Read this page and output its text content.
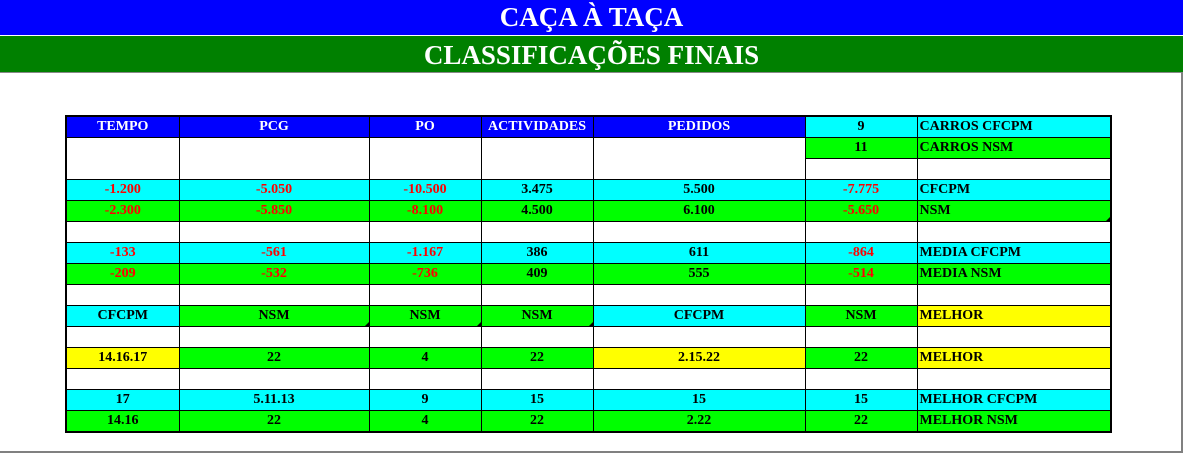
CAÇA À TAÇA
CLASSIFICAÇÕES FINAIS
TEMPO	PCG	PO	ACTIVIDADES	PEDIDOS	9	CARROS CFCPM
					11	CARROS NSM

-1.200	-5.050	-10.500	3.475	5.500	-7.775	CFCPM
-2.300	-5.850	-8.100	4.500	6.100	-5.650	NSM

-133	-561	-1.167	386	611	-864	MEDIA CFCPM
-209	-532	-736	409	555	-514	MEDIA NSM

CFCPM	NSM	NSM	NSM	CFCPM	NSM	MELHOR

14.16.17	22	4	22	2.15.22	22	MELHOR

17	5.11.13	9	15	15	15	MELHOR CFCPM
14.16	22	4	22	2.22	22	MELHOR NSM
